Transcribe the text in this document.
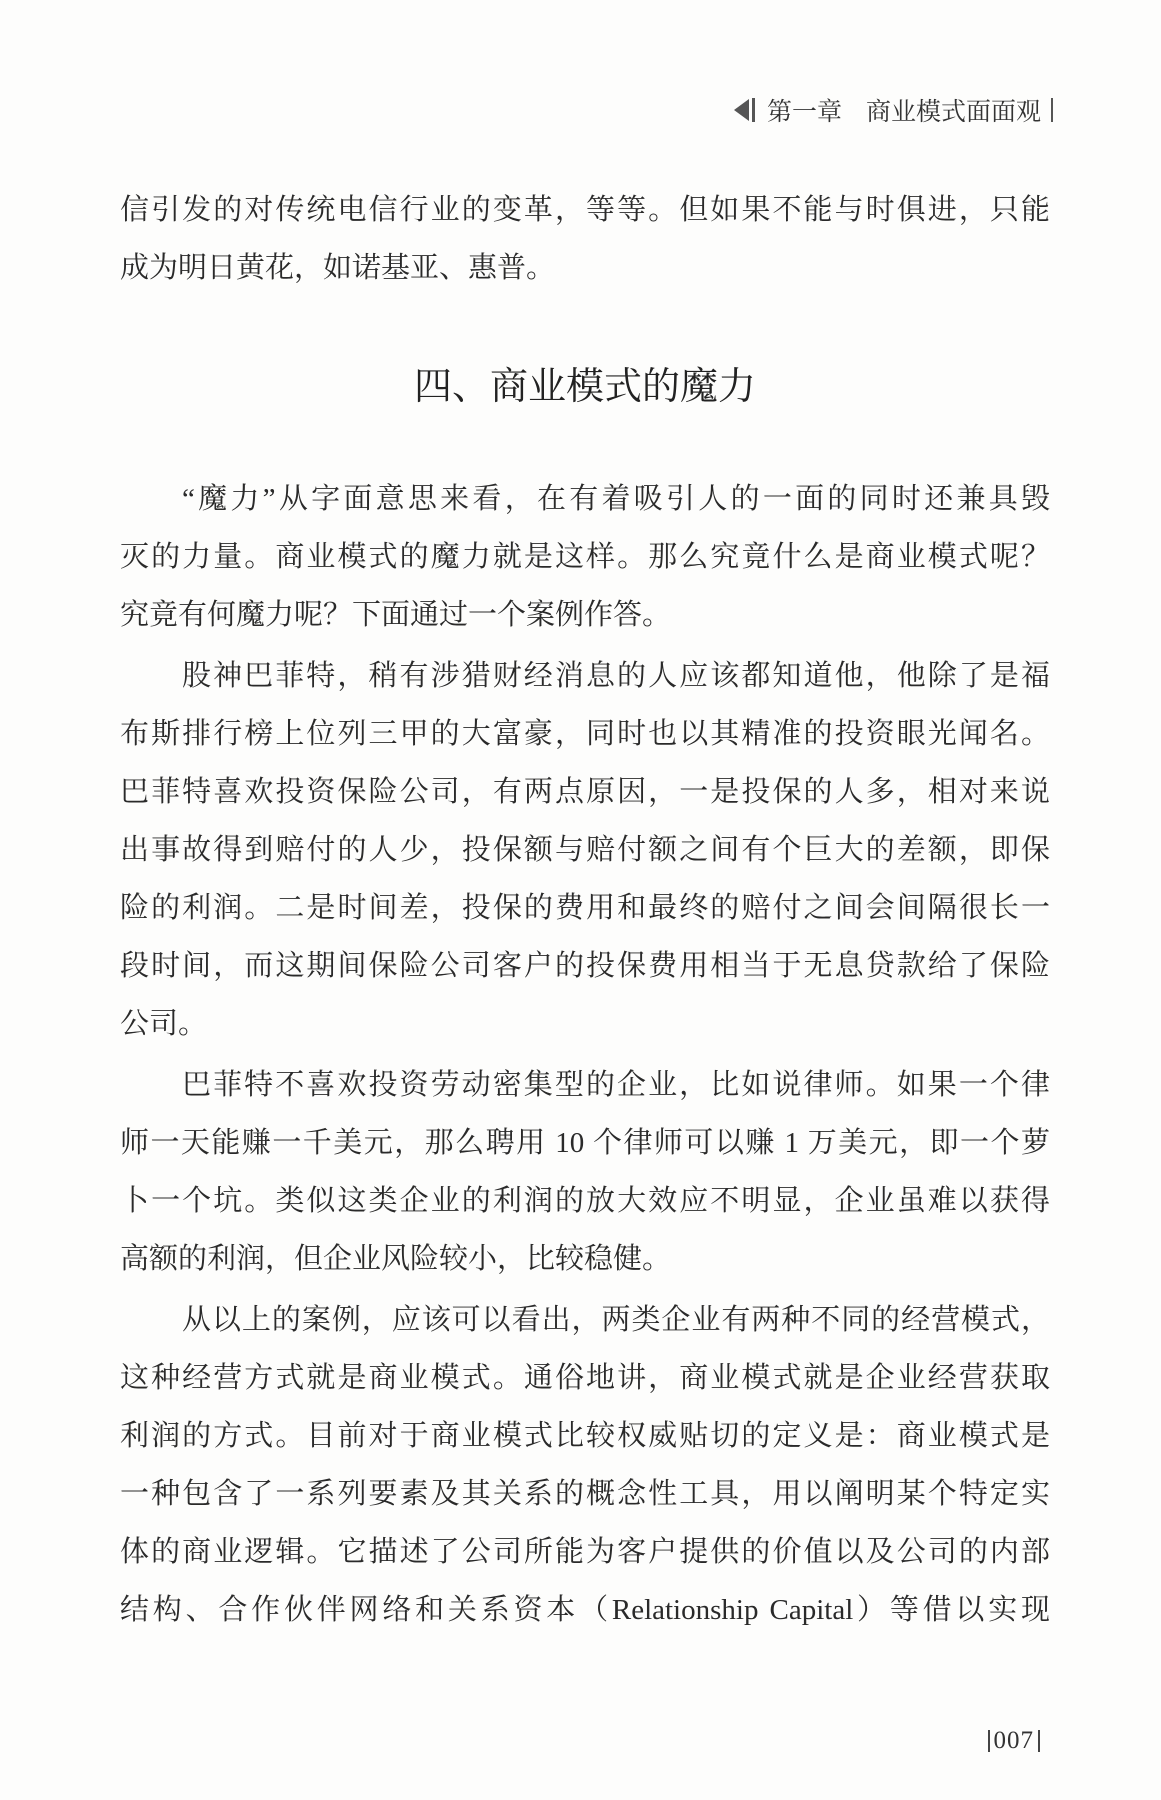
第一章 商业模式面面观
信引发的对传统电信行业的变革，等等。但如果不能与时俱进，只能
成为明日黄花，如诺基亚、惠普。
四、商业模式的魔力
“魔力”从字面意思来看，在有着吸引人的一面的同时还兼具毁
灭的力量。商业模式的魔力就是这样。那么究竟什么是商业模式呢？
究竟有何魔力呢？下面通过一个案例作答。
股神巴菲特，稍有涉猎财经消息的人应该都知道他，他除了是福
布斯排行榜上位列三甲的大富豪，同时也以其精准的投资眼光闻名。
巴菲特喜欢投资保险公司，有两点原因，一是投保的人多，相对来说
出事故得到赔付的人少，投保额与赔付额之间有个巨大的差额，即保
险的利润。二是时间差，投保的费用和最终的赔付之间会间隔很长一
段时间，而这期间保险公司客户的投保费用相当于无息贷款给了保险
公司。
巴菲特不喜欢投资劳动密集型的企业，比如说律师。如果一个律
师一天能赚一千美元，那么聘用 10 个律师可以赚 1 万美元，即一个萝
卜一个坑。类似这类企业的利润的放大效应不明显，企业虽难以获得
高额的利润，但企业风险较小，比较稳健。
从以上的案例，应该可以看出，两类企业有两种不同的经营模式，
这种经营方式就是商业模式。通俗地讲，商业模式就是企业经营获取
利润的方式。目前对于商业模式比较权威贴切的定义是：商业模式是
一种包含了一系列要素及其关系的概念性工具，用以阐明某个特定实
体的商业逻辑。它描述了公司所能为客户提供的价值以及公司的内部
结构、合作伙伴网络和关系资本（Relationship Capital）等借以实现
007
